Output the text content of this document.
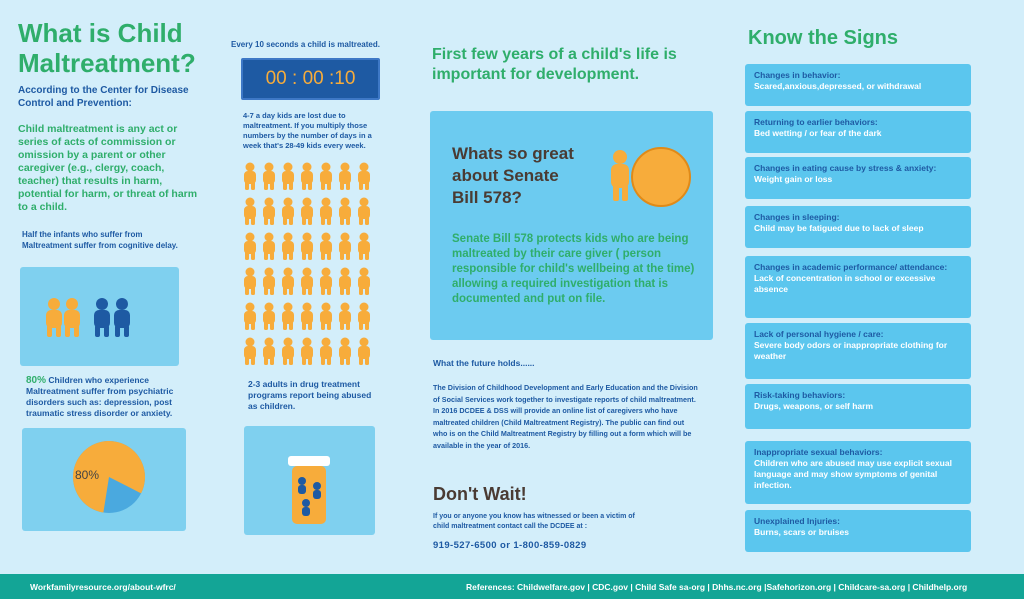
What is Child
Maltreatment?
According to the Center for Disease Control and Prevention:
Child maltreatment is any act or series of acts of commission or omission by a parent or other caregiver (e.g., clergy, coach, teacher) that results in harm, potential for harm, or threat of harm to a child.
Half the infants who suffer from Maltreatment suffer from cognitive delay.
80% Children who experience Maltreatment suffer from psychiatric disorders such as: depression, post traumatic stress disorder or anxiety.
80%
Every 10 seconds a child is maltreated.
00 : 00 :10
4-7 a day kids are lost due to maltreatment. If you multiply those numbers by the number of days in a week that's 28-49 kids every week.
2-3 adults in drug treatment programs report being abused as children.
First few years of a child's life is important for development.
Whats so great
about Senate
Bill 578?
Senate Bill 578 protects kids who are being maltreated by their care giver ( person responsible for child's wellbeing at the time) allowing a required investigation that is documented and put on file.
What the future holds......
The Division of Childhood Development and Early Education and the Division of Social Services work together to investigate reports of child maltreatment. In 2016 DCDEE & DSS will provide an online list of caregivers who have maltreated children (Child Maltreatment Registry). The public can find out who is on the Child Maltreatment Registry by filling out a form which will be available in the year of 2016.
Don't Wait!
If you or anyone you know has witnessed or been a victim of child maltreatment contact call the DCDEE at :
919-527-6500 or 1-800-859-0829
Know the Signs
Changes in behavior:
Scared,anxious,depressed, or withdrawal
Returning to earlier behaviors:
Bed wetting / or fear of the dark
Changes in eating cause by stress & anxiety:
Weight gain or loss
Changes in sleeping:
Child may be fatigued due to lack of sleep
Changes in academic performance/ attendance:
Lack of concentration in school or excessive absence
Lack of personal hygiene / care:
Severe body odors or inappropriate clothing for weather
Risk-taking behaviors:
Drugs, weapons, or self harm
Inappropriate sexual behaviors:
Children who are abused may use explicit sexual language and may show symptoms of genital infection.
Unexplained Injuries:
Burns, scars or bruises
Workfamilyresource.org/about-wfrc/	References: Childwelfare.gov | CDC.gov | Child Safe sa-org | Dhhs.nc.org |Safehorizon.org | Childcare-sa.org | Childhelp.org
